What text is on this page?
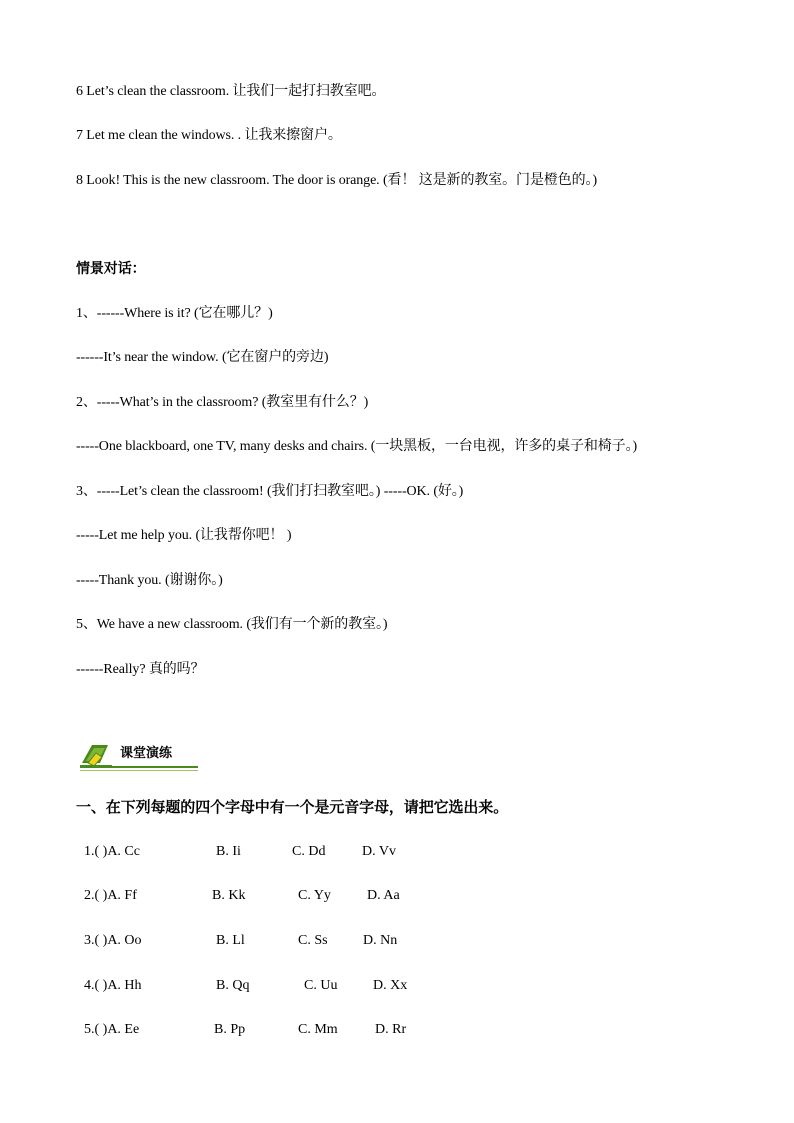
6 Let’s clean the classroom. 让我们一起打扫教室吧。
7 Let me clean the windows. . 让我来擦窗户。
8 Look! This is the new classroom. The door is orange. (看！ 这是新的教室。门是橙色的。)
情景对话：
1、------Where is it? (它在哪儿？)
------It’s near the window. (它在窗户的旁边)
2、-----What’s in the classroom? (教室里有什么？)
-----One blackboard, one TV, many desks and chairs. (一块黑板，一台电视，许多的桌子和椅子。)
3、-----Let’s clean the classroom! (我们打扫教室吧。) -----OK. (好。)
-----Let me help you. (让我帮你吧！ )
-----Thank you. (谢谢你。)
5、We have a new classroom. (我们有一个新的教室。)
------Really? 真的吗？
课堂演练
一、在下列每题的四个字母中有一个是元音字母，请把它选出来。
1.( )A. Cc	B. Ii	C. Dd	D. Vv
2.( )A. Ff	B. Kk	C. Yy	D. Aa
3.( )A. Oo	B. Ll	C. Ss	D. Nn
4.( )A. Hh	B. Qq	C. Uu	D. Xx
5.( )A. Ee	B. Pp	C. Mm	D. Rr
